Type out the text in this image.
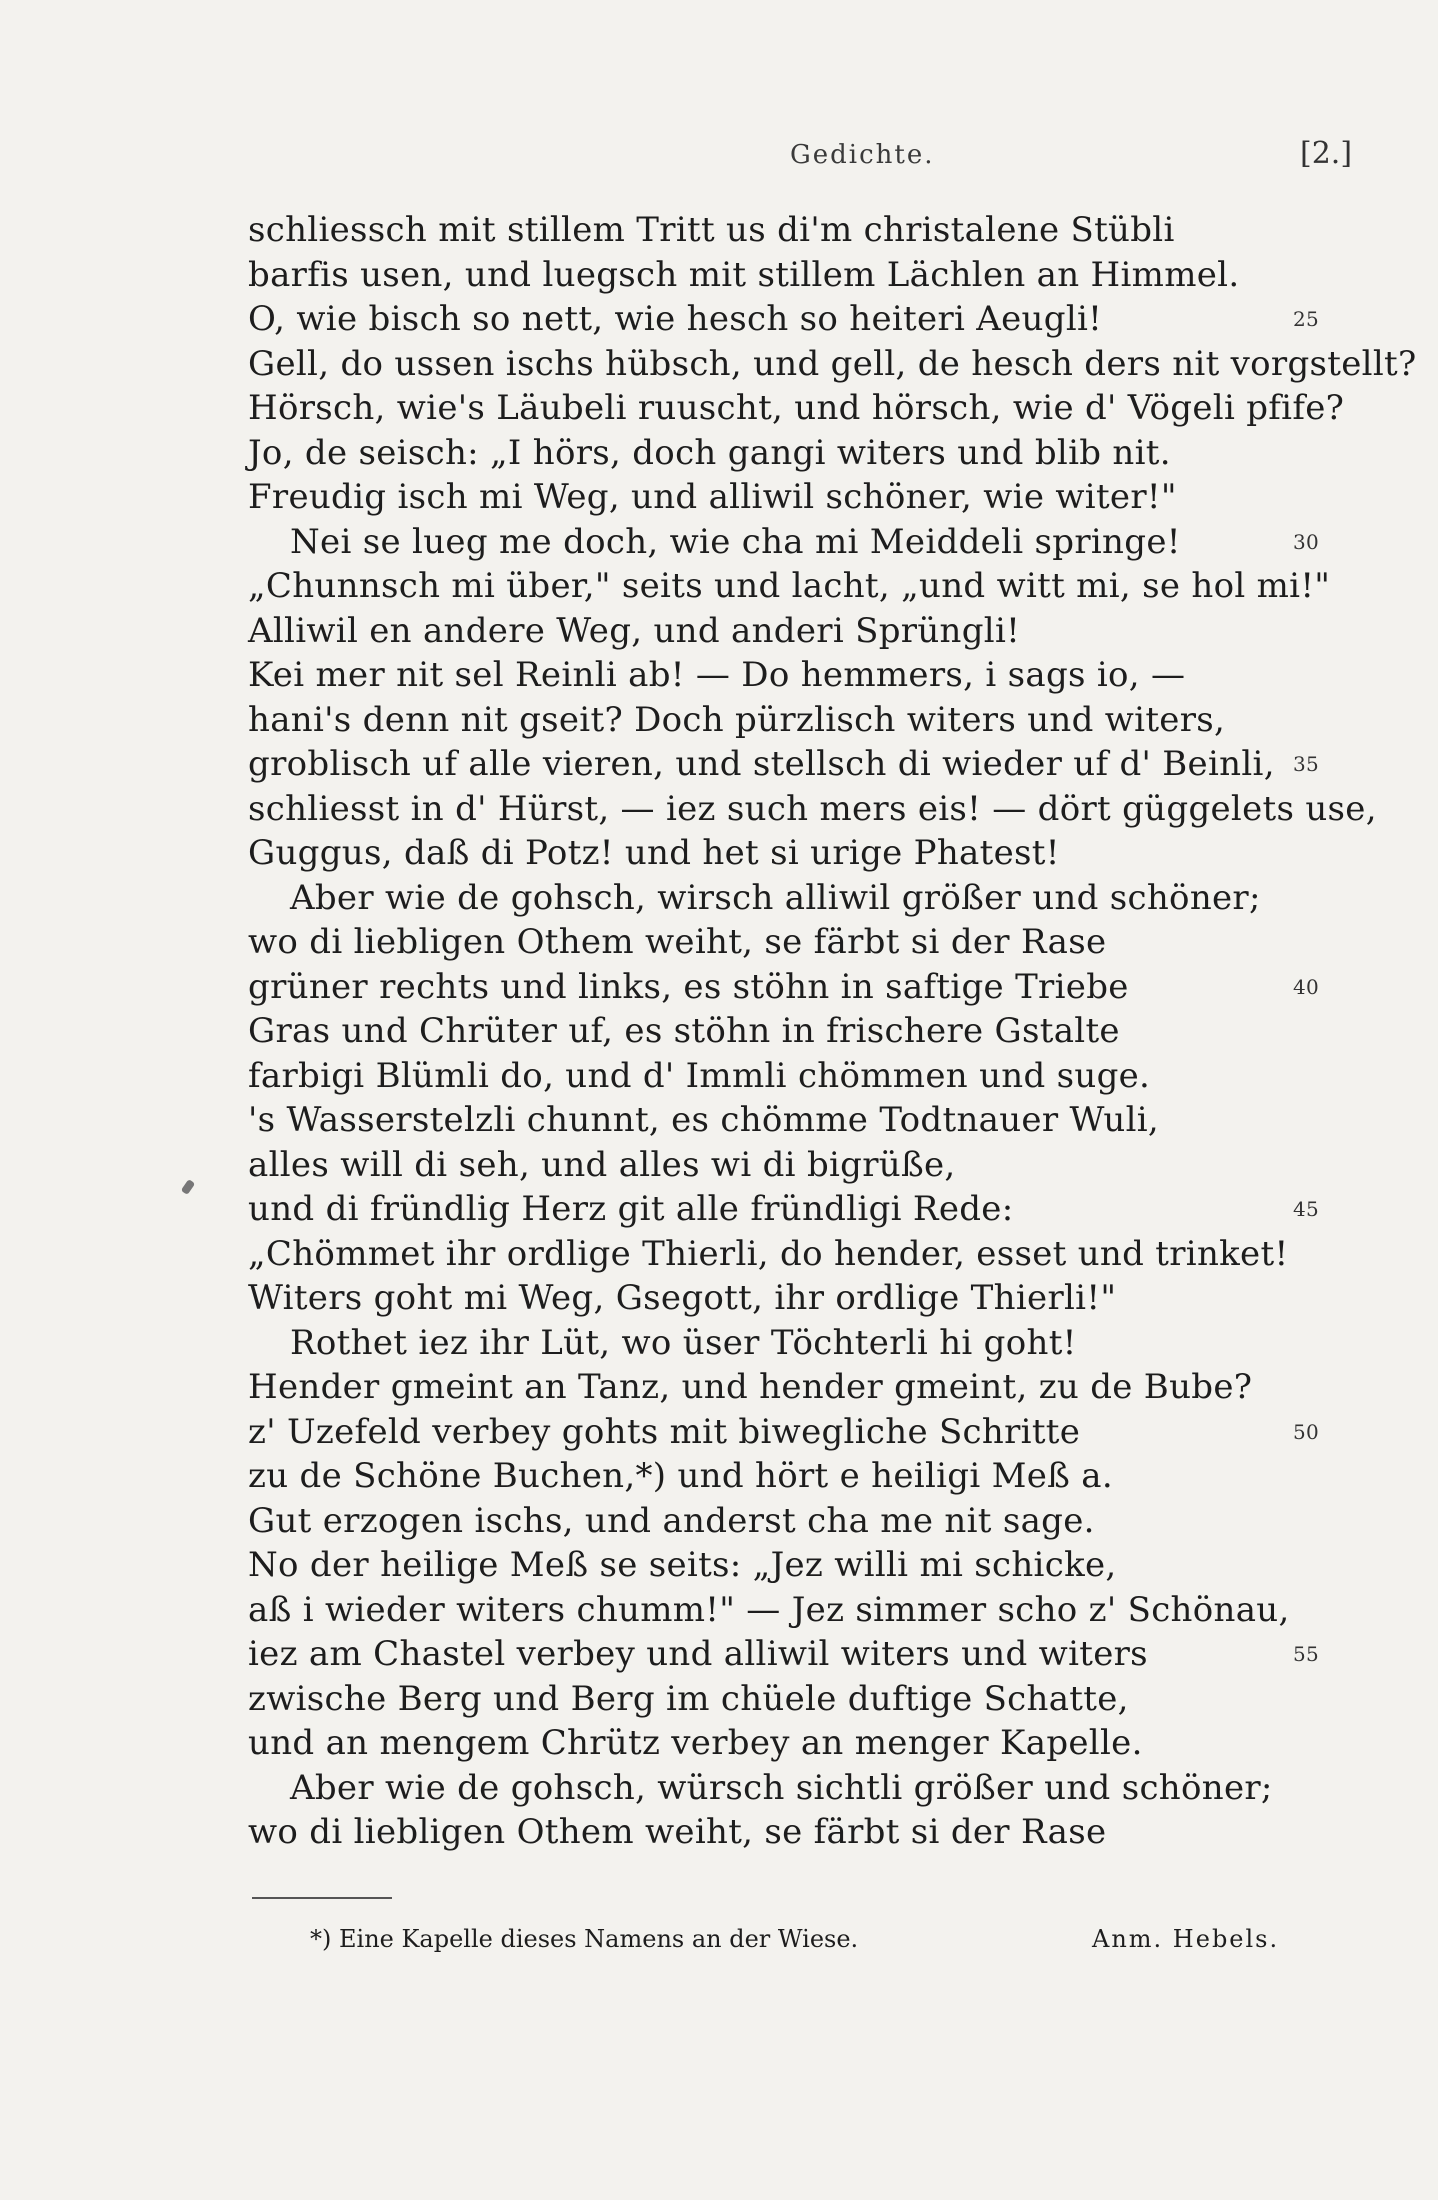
Gedichte.	[2.]
schliessch mit stillem Tritt us di'm christalene Stübli
barfis usen, und luegsch mit stillem Lächlen an Himmel.
O, wie bisch so nett, wie hesch so heiteri Aeugli!	25
Gell, do ussen ischs hübsch, und gell, de hesch ders nit vorgstellt?
Hörsch, wie's Läubeli ruuscht, und hörsch, wie d' Vögeli pfife?
Jo, de seisch: „I hörs, doch gangi witers und blib nit.
Freudig isch mi Weg, und alliwil schöner, wie witer!"
Nei se lueg me doch, wie cha mi Meiddeli springe!	30
„Chunnsch mi über," seits und lacht, „und witt mi, se hol mi!"
Alliwil en andere Weg, und anderi Sprüngli!
Kei mer nit sel Reinli ab! — Do hemmers, i sags io, —
hani's denn nit gseit? Doch pürzlisch witers und witers,
groblisch uf alle vieren, und stellsch di wieder uf d' Beinli, 35
schliesst in d' Hürst, — iez such mers eis! — dört güggelets use,
Guggus, daß di Potz! und het si urige Phatest!
Aber wie de gohsch, wirsch alliwil größer und schöner;
wo di liebligen Othem weiht, se färbt si der Rase
grüner rechts und links, es stöhn in saftige Triebe	40
Gras und Chrüter uf, es stöhn in frischere Gstalte
farbigi Blümli do, und d' Immli chömmen und suge.
's Wasserstelzli chunnt, es chömme Todtnauer Wuli,
alles will di seh, und alles wi di bigrüße,
und di fründlig Herz git alle fründligi Rede:	45
„Chömmet ihr ordlige Thierli, do hender, esset und trinket!
Witers goht mi Weg, Gsegott, ihr ordlige Thierli!"
Rothet iez ihr Lüt, wo üser Töchterli hi goht!
Hender gmeint an Tanz, und hender gmeint, zu de Bube?
z' Uzefeld verbey gohts mit biwegliche Schritte	50
zu de Schöne Buchen,*) und hört e heiligi Meß a.
Gut erzogen ischs, und anderst cha me nit sage.
No der heilige Meß se seits: „Jez willi mi schicke,
aß i wieder witers chumm!" — Jez simmer scho z' Schönau,
iez am Chastel verbey und alliwil witers und witers	55
zwische Berg und Berg im chüele duftige Schatte,
und an mengem Chrütz verbey an menger Kapelle.
Aber wie de gohsch, würsch sichtli größer und schöner;
wo di liebligen Othem weiht, se färbt si der Rase
*) Eine Kapelle dieses Namens an der Wiese.	Anm. Hebels.
